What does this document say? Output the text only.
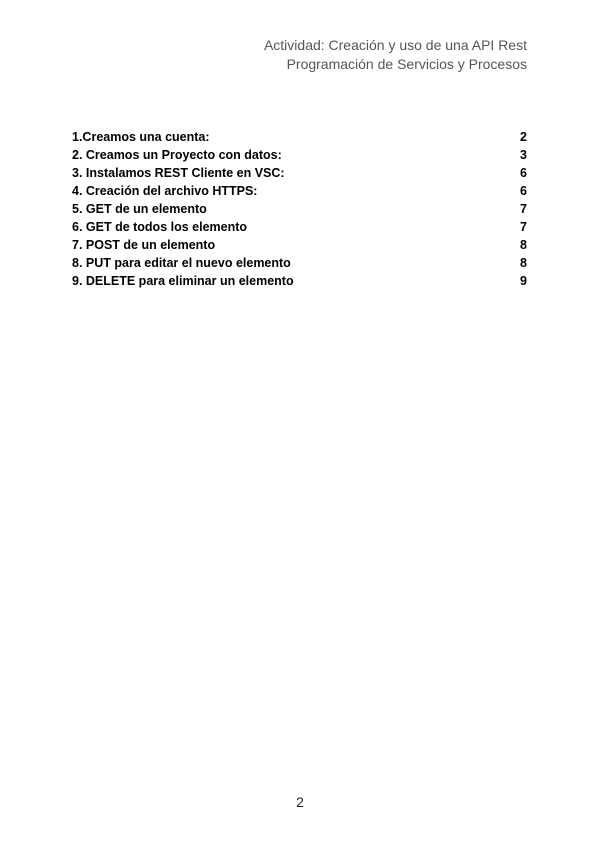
Actividad: Creación y uso de una API Rest
Programación de Servicios y Procesos
1.Creamos una cuenta:	2
2. Creamos un Proyecto con datos:	3
3. Instalamos REST Cliente en VSC:	6
4. Creación del archivo HTTPS:	6
5. GET de un elemento	7
6. GET de todos los elemento	7
7. POST de un elemento	8
8. PUT para editar el nuevo elemento	8
9. DELETE para eliminar un elemento	9
2
